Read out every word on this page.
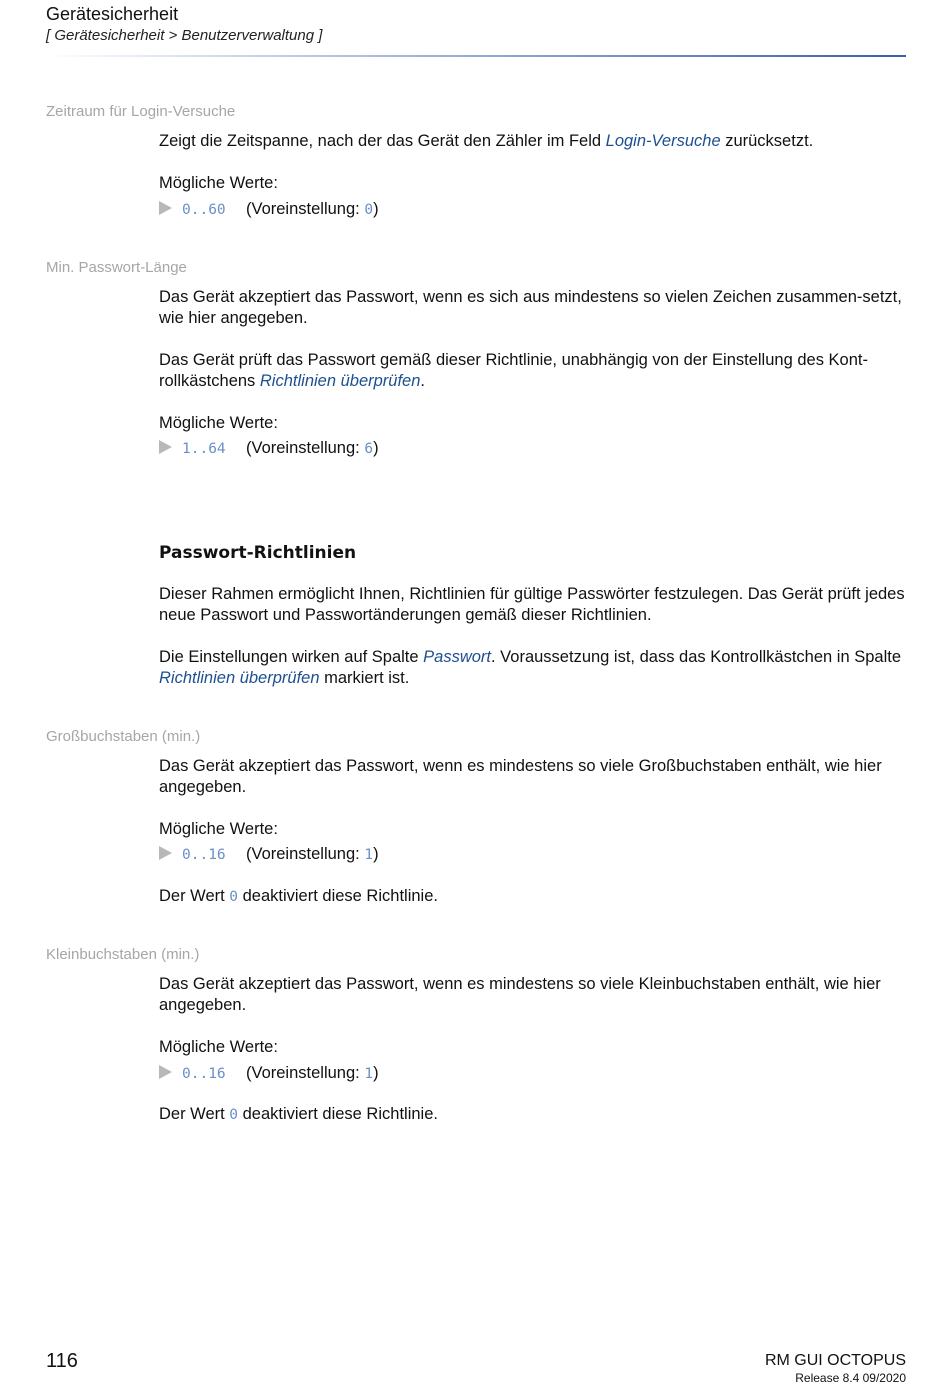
Gerätesicherheit
[ Gerätesicherheit > Benutzerverwaltung ]
Zeitraum für Login-Versuche
Zeigt die Zeitspanne, nach der das Gerät den Zähler im Feld Login-Versuche zurücksetzt.
Mögliche Werte:
0..60 (Voreinstellung: 0)
Min. Passwort-Länge
Das Gerät akzeptiert das Passwort, wenn es sich aus mindestens so vielen Zeichen zusammen-setzt, wie hier angegeben.
Das Gerät prüft das Passwort gemäß dieser Richtlinie, unabhängig von der Einstellung des Kont-rollkästchens Richtlinien überprüfen.
Mögliche Werte:
1..64 (Voreinstellung: 6)
Passwort-Richtlinien
Dieser Rahmen ermöglicht Ihnen, Richtlinien für gültige Passwörter festzulegen. Das Gerät prüft jedes neue Passwort und Passwortänderungen gemäß dieser Richtlinien.
Die Einstellungen wirken auf Spalte Passwort. Voraussetzung ist, dass das Kontrollkästchen in Spalte Richtlinien überprüfen markiert ist.
Großbuchstaben (min.)
Das Gerät akzeptiert das Passwort, wenn es mindestens so viele Großbuchstaben enthält, wie hier angegeben.
Mögliche Werte:
0..16 (Voreinstellung: 1)
Der Wert 0 deaktiviert diese Richtlinie.
Kleinbuchstaben (min.)
Das Gerät akzeptiert das Passwort, wenn es mindestens so viele Kleinbuchstaben enthält, wie hier angegeben.
Mögliche Werte:
0..16 (Voreinstellung: 1)
Der Wert 0 deaktiviert diese Richtlinie.
116	RM GUI OCTOPUS
Release 8.4 09/2020
